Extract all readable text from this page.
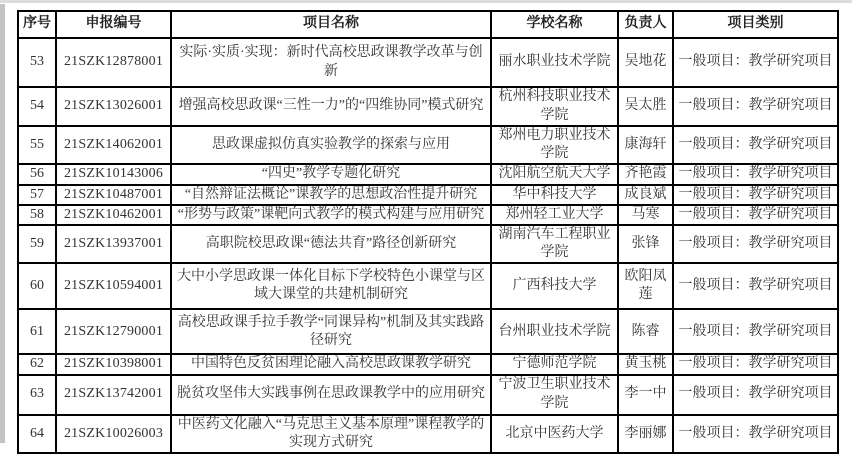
序号	申报编号	项目名称	学校名称	负责人	项目类别
53	21SZK12878001	实际·实质·实现：新时代高校思政课教学改革与创新	丽水职业技术学院	吴地花	一般项目：教学研究项目
54	21SZK13026001	增强高校思政课“三性一力”的“四维协同”模式研究	杭州科技职业技术学院	吴太胜	一般项目：教学研究项目
55	21SZK14062001	思政课虚拟仿真实验教学的探索与应用	郑州电力职业技术学院	康海轩	一般项目：教学研究项目
56	21SZK10143006	“四史”教学专题化研究	沈阳航空航天大学	齐艳霞	一般项目：教学研究项目
57	21SZK10487001	“自然辩证法概论”课教学的思想政治性提升研究	华中科技大学	成良斌	一般项目：教学研究项目
58	21SZK10462001	“形势与政策”课靶向式教学的模式构建与应用研究	郑州轻工业大学	马寒	一般项目：教学研究项目
59	21SZK13937001	高职院校思政课“德法共育”路径创新研究	湖南汽车工程职业学院	张锋	一般项目：教学研究项目
60	21SZK10594001	大中小学思政课一体化目标下学校特色小课堂与区域大课堂的共建机制研究	广西科技大学	欧阳凤莲	一般项目：教学研究项目
61	21SZK12790001	高校思政课手拉手教学“同课异构”机制及其实践路径研究	台州职业技术学院	陈睿	一般项目：教学研究项目
62	21SZK10398001	中国特色反贫困理论融入高校思政课教学研究	宁德师范学院	黄玉桃	一般项目：教学研究项目
63	21SZK13742001	脱贫攻坚伟大实践事例在思政课教学中的应用研究	宁波卫生职业技术学院	李一中	一般项目：教学研究项目
64	21SZK10026003	中医药文化融入“马克思主义基本原理”课程教学的实现方式研究	北京中医药大学	李丽娜	一般项目：教学研究项目
